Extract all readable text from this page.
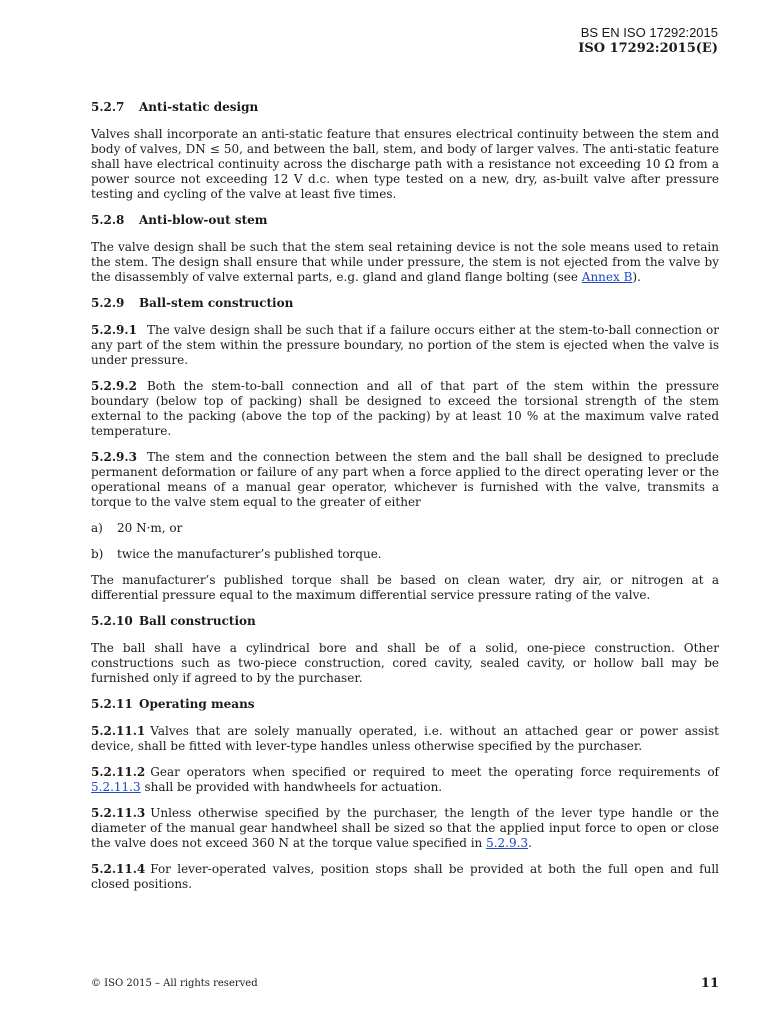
BS EN ISO 17292:2015
ISO 17292:2015(E)
5.2.7 Anti-static design

Valves shall incorporate an anti-static feature that ensures electrical continuity between the stem and body of valves, DN ≤ 50, and between the ball, stem, and body of larger valves. The anti-static feature shall have electrical continuity across the discharge path with a resistance not exceeding 10 Ω from a power source not exceeding 12 V d.c. when type tested on a new, dry, as-built valve after pressure testing and cycling of the valve at least five times.

5.2.8 Anti-blow-out stem

The valve design shall be such that the stem seal retaining device is not the sole means used to retain the stem. The design shall ensure that while under pressure, the stem is not ejected from the valve by the disassembly of valve external parts, e.g. gland and gland flange bolting (see Annex B).

5.2.9 Ball-stem construction

5.2.9.1 The valve design shall be such that if a failure occurs either at the stem-to-ball connection or any part of the stem within the pressure boundary, no portion of the stem is ejected when the valve is under pressure.

5.2.9.2 Both the stem-to-ball connection and all of that part of the stem within the pressure boundary (below top of packing) shall be designed to exceed the torsional strength of the stem external to the packing (above the top of the packing) by at least 10 % at the maximum valve rated temperature.

5.2.9.3 The stem and the connection between the stem and the ball shall be designed to preclude permanent deformation or failure of any part when a force applied to the direct operating lever or the operational means of a manual gear operator, whichever is furnished with the valve, transmits a torque to the valve stem equal to the greater of either

a) 20 N·m, or
b) twice the manufacturer’s published torque.

The manufacturer’s published torque shall be based on clean water, dry air, or nitrogen at a differential pressure equal to the maximum differential service pressure rating of the valve.

5.2.10 Ball construction

The ball shall have a cylindrical bore and shall be of a solid, one-piece construction. Other constructions such as two-piece construction, cored cavity, sealed cavity, or hollow ball may be furnished only if agreed to by the purchaser.

5.2.11 Operating means

5.2.11.1 Valves that are solely manually operated, i.e. without an attached gear or power assist device, shall be fitted with lever-type handles unless otherwise specified by the purchaser.

5.2.11.2 Gear operators when specified or required to meet the operating force requirements of 5.2.11.3 shall be provided with handwheels for actuation.

5.2.11.3 Unless otherwise specified by the purchaser, the length of the lever type handle or the diameter of the manual gear handwheel shall be sized so that the applied input force to open or close the valve does not exceed 360 N at the torque value specified in 5.2.9.3.

5.2.11.4 For lever-operated valves, position stops shall be provided at both the full open and full closed positions.

© ISO 2015 – All rights reserved	11
